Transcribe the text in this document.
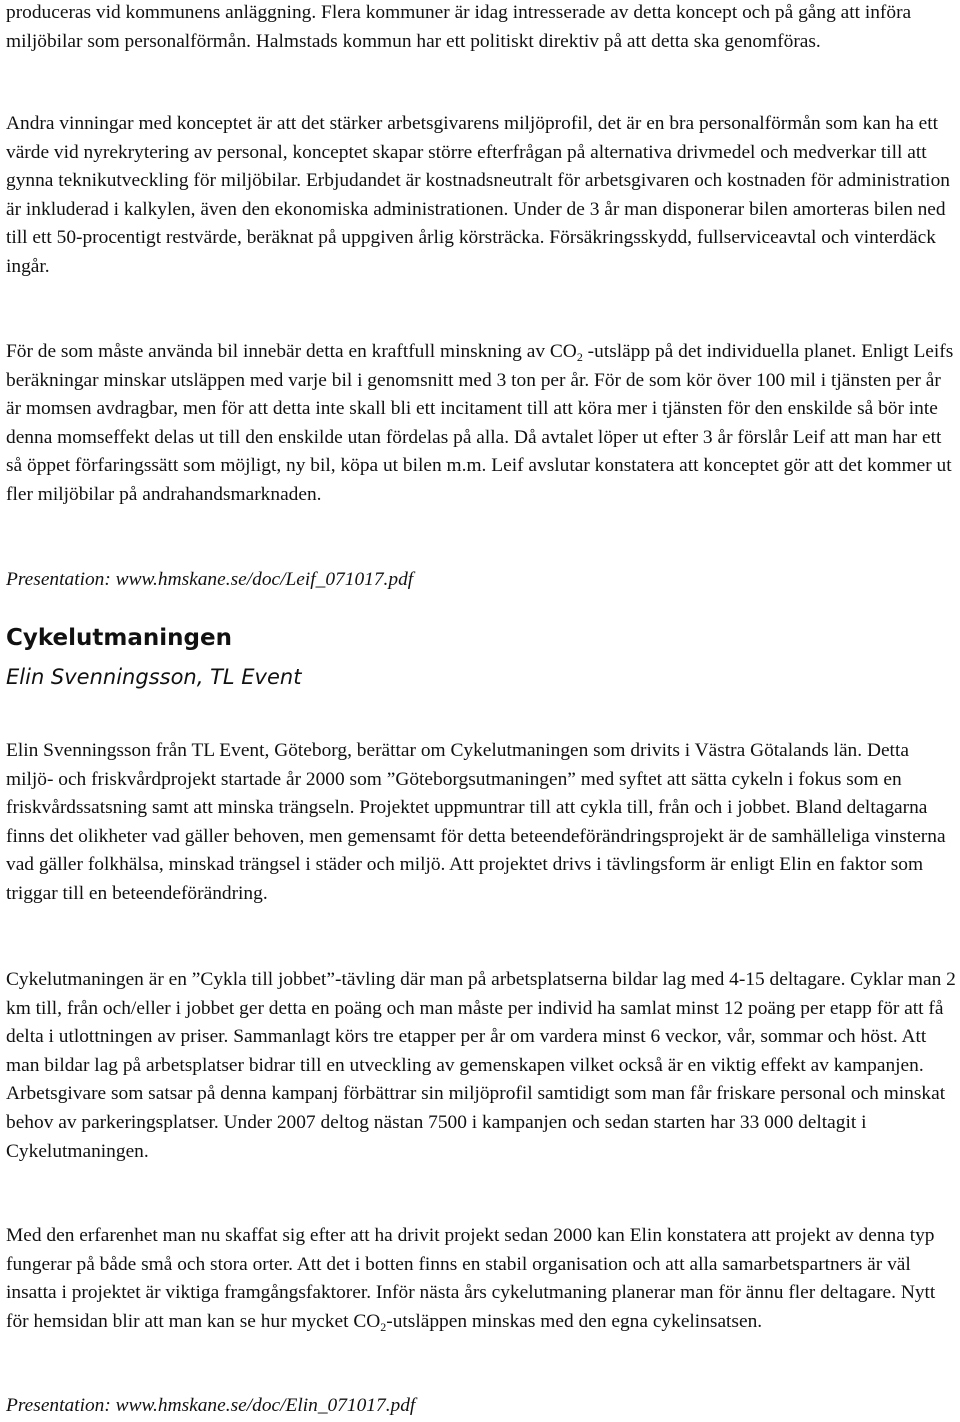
produceras vid kommunens anläggning. Flera kommuner är idag intresserade av detta koncept och på gång att införa miljöbilar som personalförmån. Halmstads kommun har ett politiskt direktiv på att detta ska genomföras.

Andra vinningar med konceptet är att det stärker arbetsgivarens miljöprofil, det är en bra personalförmån som kan ha ett värde vid nyrekrytering av personal, konceptet skapar större efterfrågan på alternativa drivmedel och medverkar till att gynna teknikutveckling för miljöbilar. Erbjudandet är kostnadsneutralt för arbetsgivaren och kostnaden för administration är inkluderad i kalkylen, även den ekonomiska administrationen. Under de 3 år man disponerar bilen amorteras bilen ned till ett 50-procentigt restvärde, beräknat på uppgiven årlig körsträcka. Försäkringsskydd, fullserviceavtal och vinterdäck ingår.

För de som måste använda bil innebär detta en kraftfull minskning av $CO_2$ -utsläpp på det individuella planet. Enligt Leifs beräkningar minskar utsläppen med varje bil i genomsnitt med 3 ton per år. För de som kör över 100 mil i tjänsten per år är momsen avdragbar, men för att detta inte skall bli ett incitament till att köra mer i tjänsten för den enskilde så bör inte denna momseffekt delas ut till den enskilde utan fördelas på alla. Då avtalet löper ut efter 3 år förslår Leif att man har ett så öppet förfaringssätt som möjligt, ny bil, köpa ut bilen m.m. Leif avslutar konstatera att konceptet gör att det kommer ut fler miljöbilar på andrahandsmarknaden.

Presentation: www.hmskane.se/doc/Leif_071017.pdf
Cykelutmaningen
Elin Svenningsson, TL Event

Elin Svenningsson från TL Event, Göteborg, berättar om Cykelutmaningen som drivits i Västra Götalands län. Detta miljö- och friskvårdprojekt startade år 2000 som ”Göteborgsutmaningen” med syftet att sätta cykeln i fokus som en friskvårdssatsning samt att minska trängseln. Projektet uppmuntrar till att cykla till, från och i jobbet. Bland deltagarna finns det olikheter vad gäller behoven, men gemensamt för detta beteendeförändringsprojekt är de samhälleliga vinsterna vad gäller folkhälsa, minskad trängsel i städer och miljö. Att projektet drivs i tävlingsform är enligt Elin en faktor som triggar till en beteendeförändring.

Cykelutmaningen är en ”Cykla till jobbet”-tävling där man på arbetsplatserna bildar lag med 4-15 deltagare. Cyklar man 2 km till, från och/eller i jobbet ger detta en poäng och man måste per individ ha samlat minst 12 poäng per etapp för att få delta i utlottningen av priser. Sammanlagt körs tre etapper per år om vardera minst 6 veckor, vår, sommar och höst. Att man bildar lag på arbetsplatser bidrar till en utveckling av gemenskapen vilket också är en viktig effekt av kampanjen. Arbetsgivare som satsar på denna kampanj förbättrar sin miljöprofil samtidigt som man får friskare personal och minskat behov av parkeringsplatser. Under 2007 deltog nästan 7500 i kampanjen och sedan starten har 33 000 deltagit i Cykelutmaningen.

Med den erfarenhet man nu skaffat sig efter att ha drivit projekt sedan 2000 kan Elin konstatera att projekt av denna typ fungerar på både små och stora orter. Att det i botten finns en stabil organisation och att alla samarbetspartners är väl insatta i projektet är viktiga framgångsfaktorer. Inför nästa års cykelutmaning planerar man för ännu fler deltagare. Nytt för hemsidan blir att man kan se hur mycket $CO_2$-utsläppen minskas med den egna cykelinsatsen.

Presentation: www.hmskane.se/doc/Elin_071017.pdf
